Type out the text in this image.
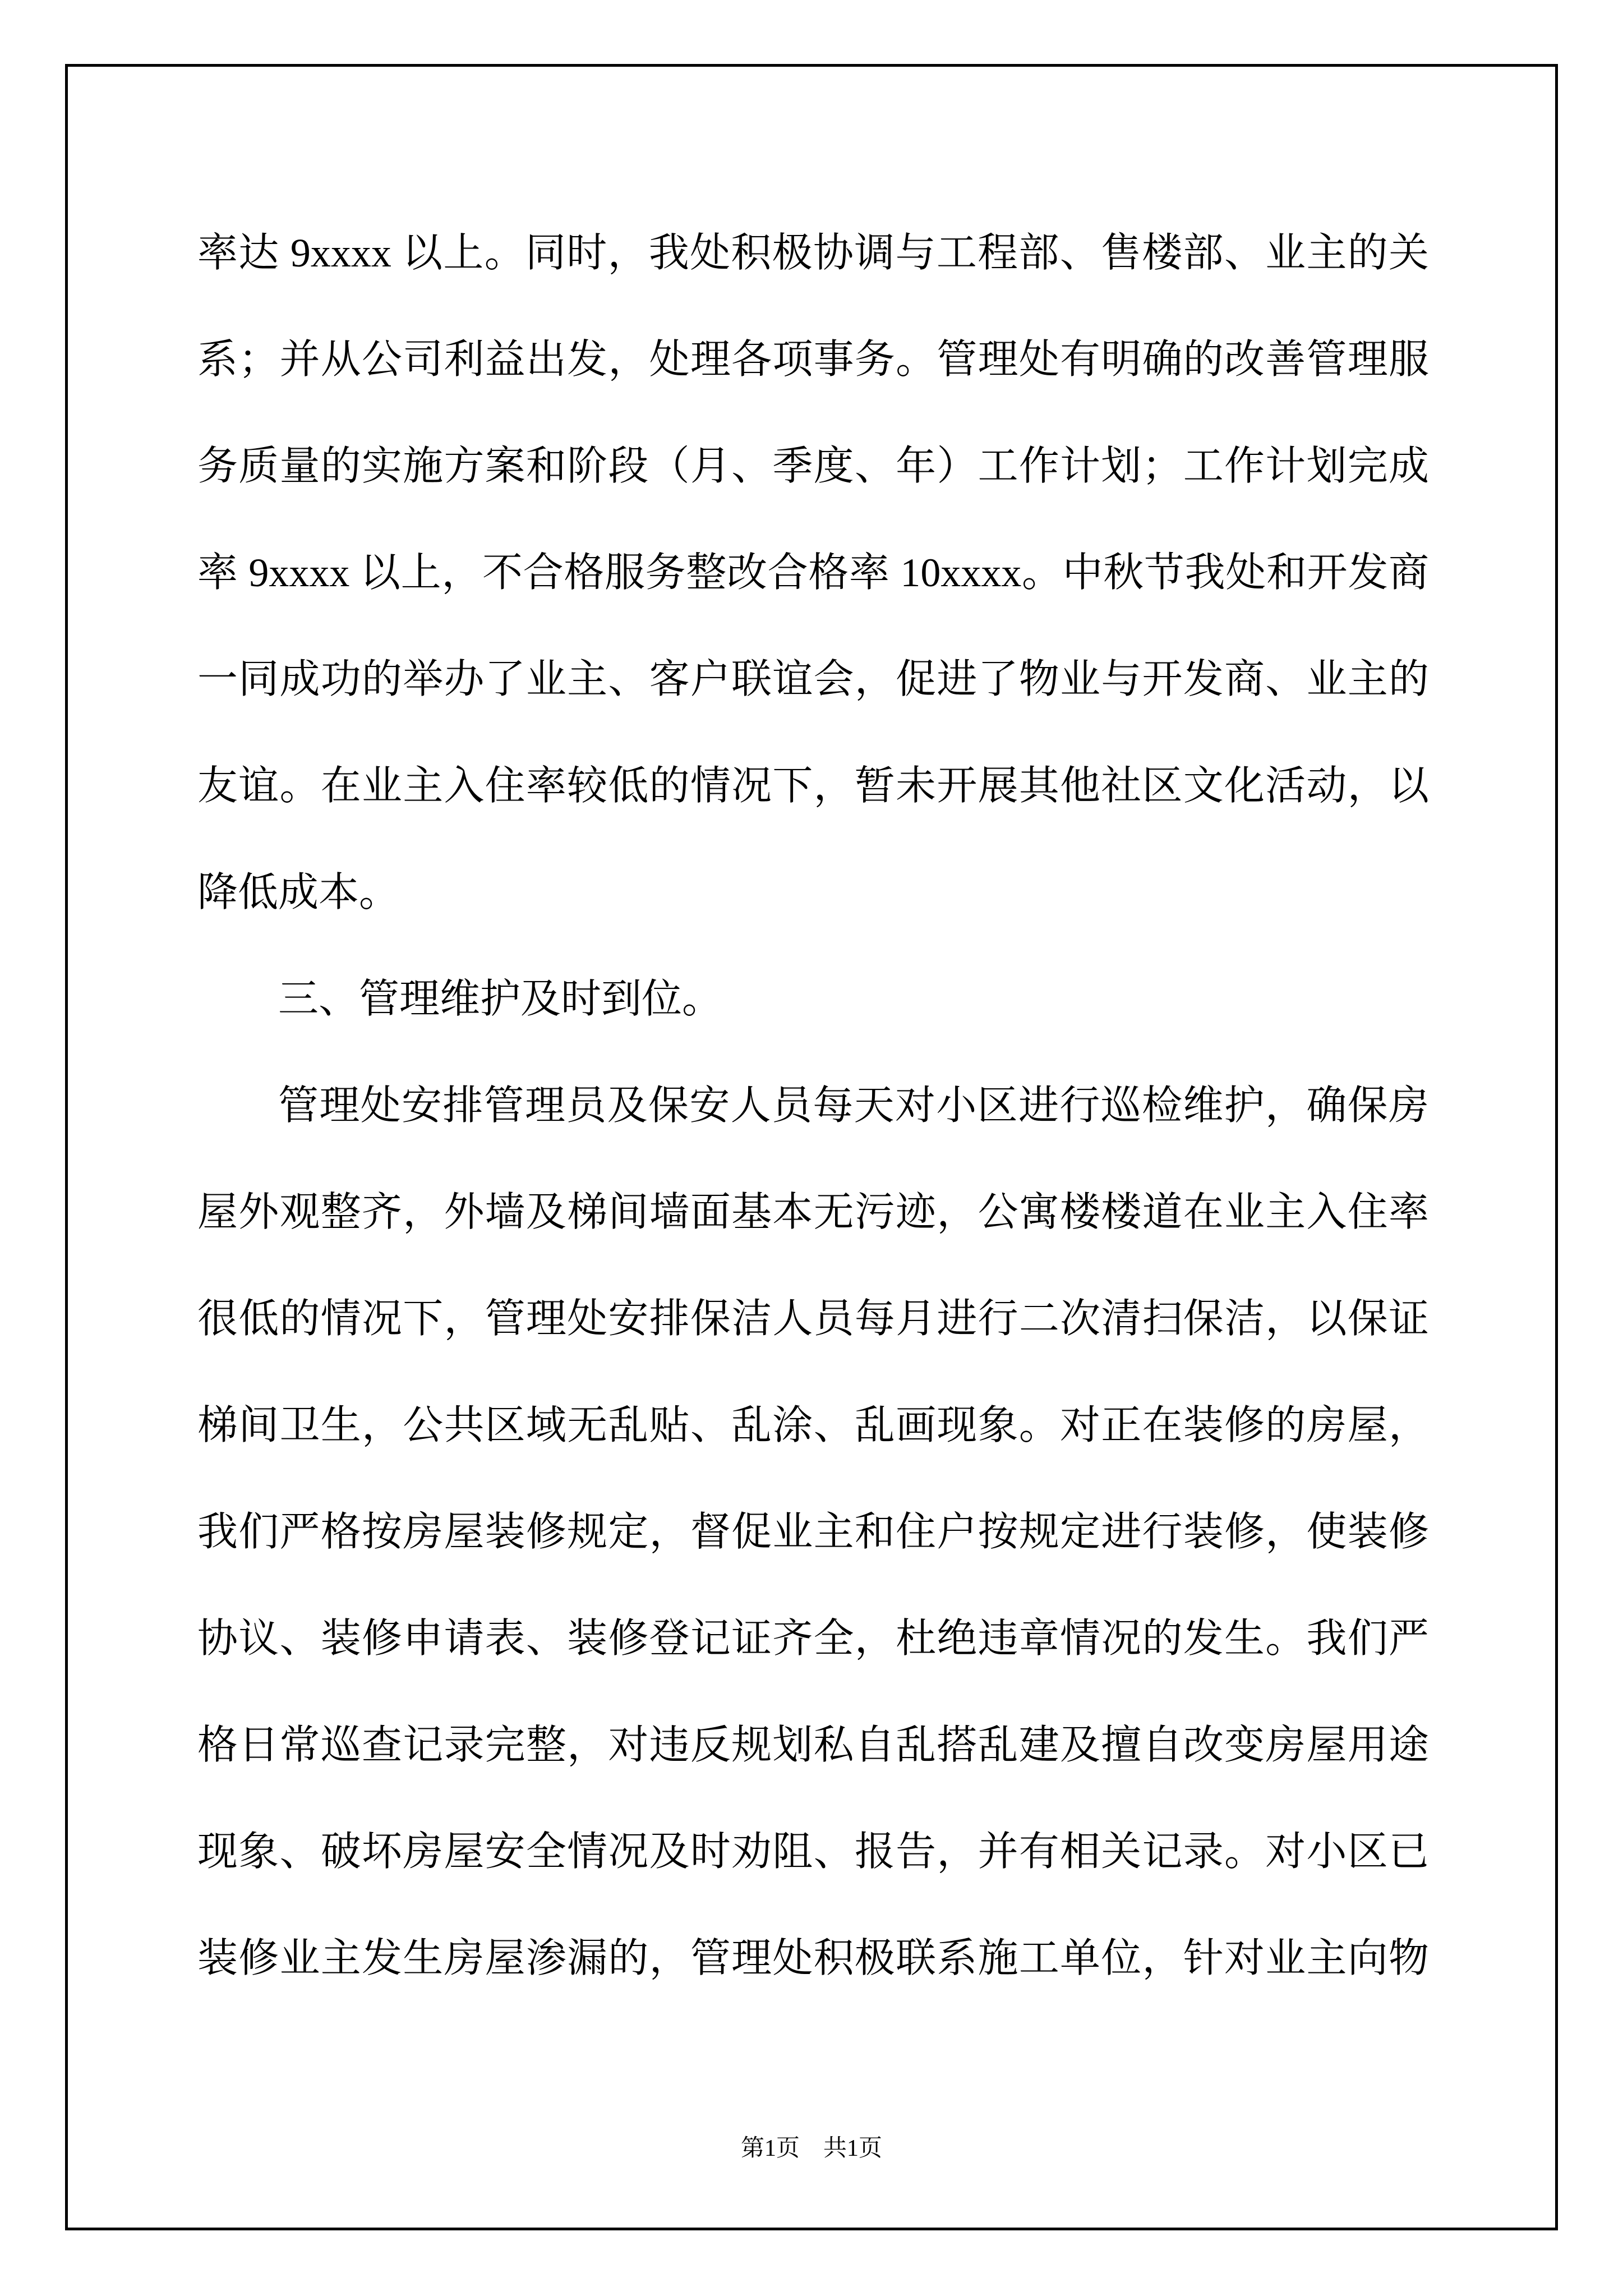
率达 9xxxx 以上。同时，我处积极协调与工程部、售楼部、业主的关
系；并从公司利益出发，处理各项事务。管理处有明确的改善管理服
务质量的实施方案和阶段（月、季度、年）工作计划；工作计划完成
率 9xxxx 以上，不合格服务整改合格率 10xxxx。中秋节我处和开发商
一同成功的举办了业主、客户联谊会，促进了物业与开发商、业主的
友谊。在业主入住率较低的情况下，暂未开展其他社区文化活动，以
降低成本。
三、管理维护及时到位。
管理处安排管理员及保安人员每天对小区进行巡检维护，确保房
屋外观整齐，外墙及梯间墙面基本无污迹，公寓楼楼道在业主入住率
很低的情况下，管理处安排保洁人员每月进行二次清扫保洁，以保证
梯间卫生，公共区域无乱贴、乱涂、乱画现象。对正在装修的房屋，
我们严格按房屋装修规定，督促业主和住户按规定进行装修，使装修
协议、装修申请表、装修登记证齐全，杜绝违章情况的发生。我们严
格日常巡查记录完整，对违反规划私自乱搭乱建及擅自改变房屋用途
现象、破坏房屋安全情况及时劝阻、报告，并有相关记录。对小区已
装修业主发生房屋渗漏的，管理处积极联系施工单位，针对业主向物
第1页 共1页
